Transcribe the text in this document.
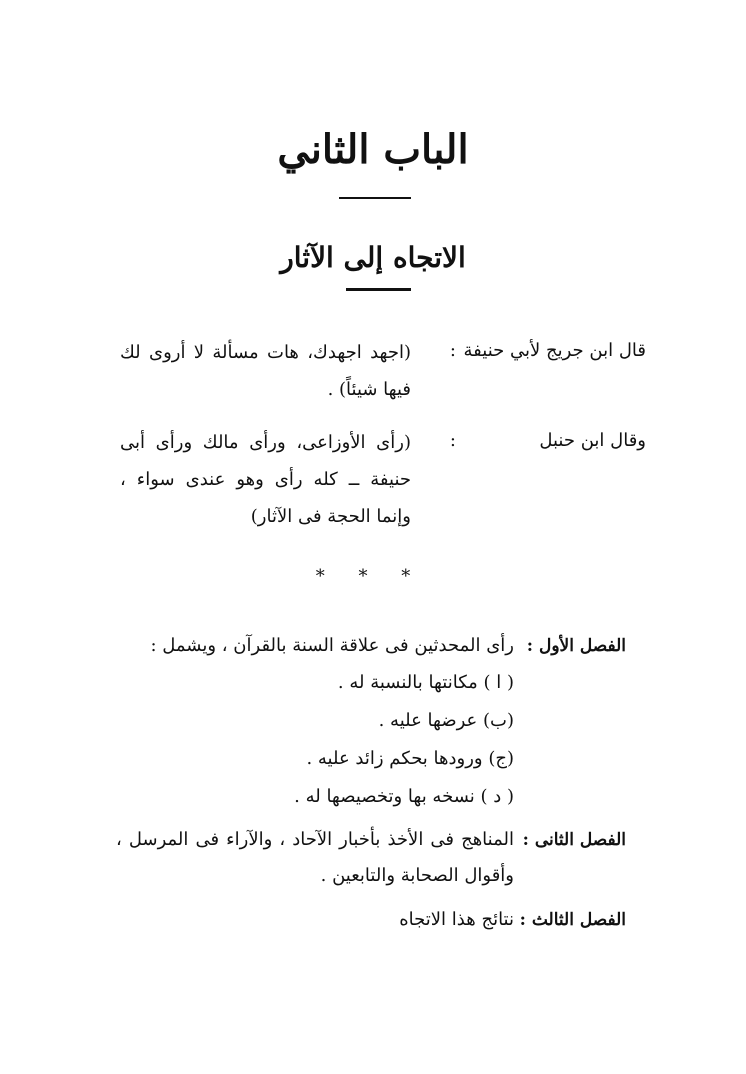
الباب الثاني
الاتجاه إلى الآثار
قال ابن جريج لأبي حنيفة
:
(اجهد اجهدك، هات مسألة لا أروى لك فيها شيئاً) .
وقال ابن حنبل
:
(رأى الأوزاعى، ورأى مالك ورأى أبى حنيفة ــ كله رأى وهو عندى سواء ، وإنما الحجة فى الآثار)
* * *
الفصل الأول :
رأى المحدثين فى علاقة السنة بالقرآن ، ويشمل :
( ا ) مكانتها بالنسبة له .
(ب) عرضها عليه .
(ج) ورودها بحكم زائد عليه .
( د ) نسخه بها وتخصيصها له .
الفصل الثانى :
المناهج فى الأخذ بأخبار الآحاد ، والآراء فى المرسل ، وأقوال الصحابة والتابعين .
الفصل الثالث :
نتائج هذا الاتجاه
